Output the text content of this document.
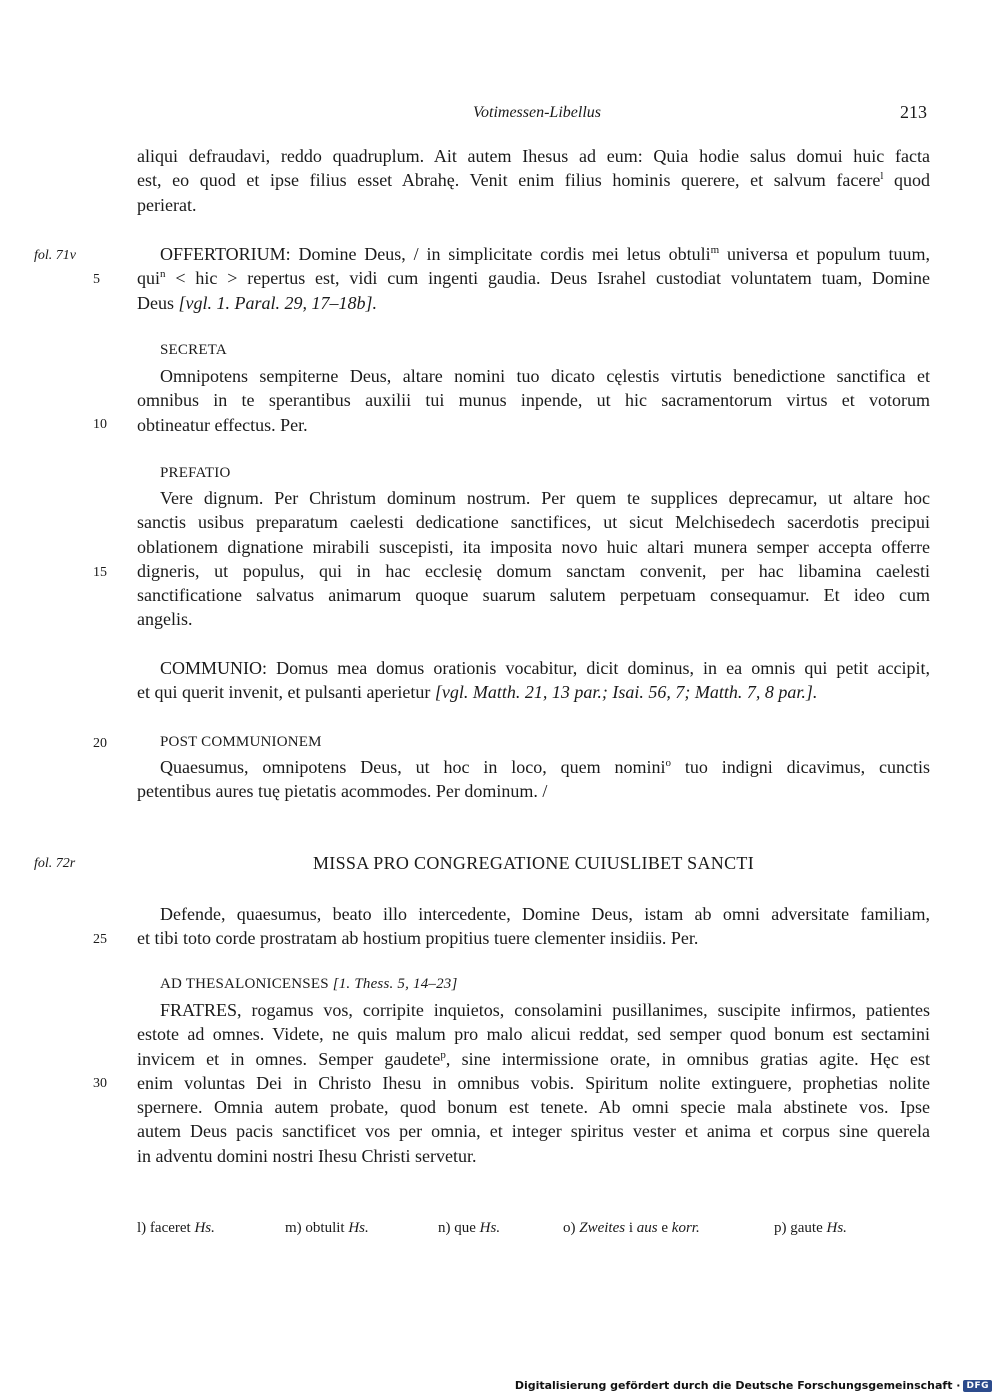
Votimessen-Libellus	213
aliqui defraudavi, reddo quadruplum. Ait autem Ihesus ad eum: Quia hodie salus domui huic facta
est, eo quod et ipse filius esset Abrahę. Venit enim filius hominis querere, et salvum facere$^l$ quod
perierat.
fol. 71v
5
OFFERTORIUM: Domine Deus, / in simplicitate cordis mei letus obtuli$^m$ universa et populum tuum,
qui$^n$ < hic > repertus est, vidi cum ingenti gaudia. Deus Israhel custodiat voluntatem tuam, Domine
Deus [vgl. 1. Paral. 29, 17–18b].
SECRETA
Omnipotens sempiterne Deus, altare nomini tuo dicato cęlestis virtutis benedictione sanctifica et
omnibus in te sperantibus auxilii tui munus inpende, ut hic sacramentorum virtus et votorum
obtineatur effectus. Per.
10
PREFATIO
Vere dignum. Per Christum dominum nostrum. Per quem te supplices deprecamur, ut altare hoc
sanctis usibus preparatum caelesti dedicatione sanctifices, ut sicut Melchisedech sacerdotis precipui
oblationem dignatione mirabili suscepisti, ita imposita novo huic altari munera semper accepta offerre
digneris, ut populus, qui in hac ecclesię domum sanctam convenit, per hac libamina caelesti
sanctificatione salvatus animarum quoque suarum salutem perpetuam consequamur. Et ideo cum
angelis.
15
COMMUNIO: Domus mea domus orationis vocabitur, dicit dominus, in ea omnis qui petit accipit,
et qui querit invenit, et pulsanti aperietur [vgl. Matth. 21, 13 par.; Isai. 56, 7; Matth. 7, 8 par.].
20	POST COMMUNIONEM
Quaesumus, omnipotens Deus, ut hoc in loco, quem nomini$^o$ tuo indigni dicavimus, cunctis
petentibus aures tuę pietatis acommodes. Per dominum. /
fol. 72r	MISSA PRO CONGREGATIONE CUIUSLIBET SANCTI
Defende, quaesumus, beato illo intercedente, Domine Deus, istam ab omni adversitate familiam,
et tibi toto corde prostratam ab hostium propitius tuere clementer insidiis. Per.
25
AD THESALONICENSES [1. Thess. 5, 14–23]
FRATRES, rogamus vos, corripite inquietos, consolamini pusillanimes, suscipite infirmos, patientes
estote ad omnes. Videte, ne quis malum pro malo alicui reddat, sed semper quod bonum est sectamini
invicem et in omnes. Semper gaudete$^p$, sine intermissione orate, in omnibus gratias agite. Hęc est
enim voluntas Dei in Christo Ihesu in omnibus vobis. Spiritum nolite extinguere, prophetias nolite
spernere. Omnia autem probate, quod bonum est tenete. Ab omni specie mala abstinete vos. Ipse
autem Deus pacis sanctificet vos per omnia, et integer spiritus vester et anima et corpus sine querela
in adventu domini nostri Ihesu Christi servetur.
30
l) faceret Hs.	m) obtulit Hs.	n) que Hs.	o) Zweites i aus e korr.	p) gaute Hs.
Digitalisierung gefördert durch die Deutsche Forschungsgemeinschaft · DFG
